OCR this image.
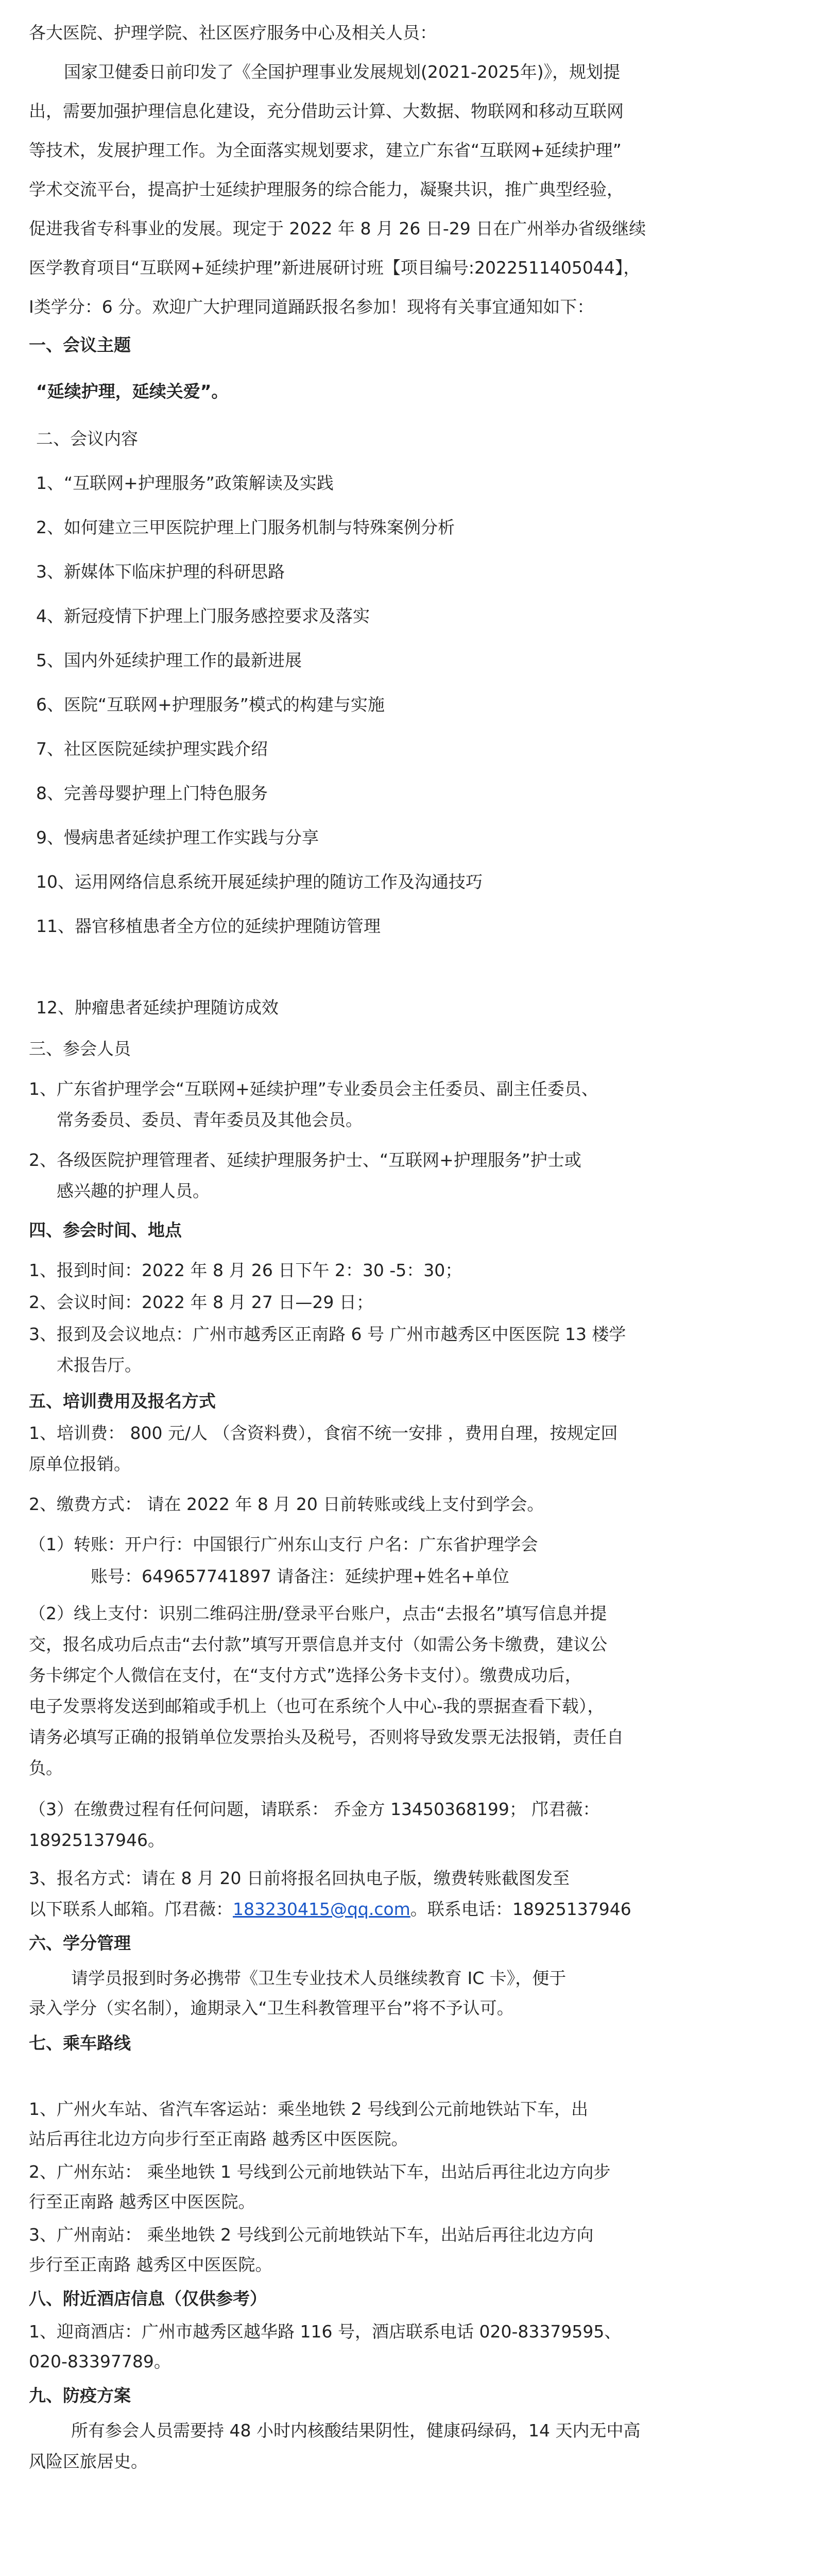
各大医院、护理学院、社区医疗服务中心及相关人员：

国家卫健委日前印发了《全国护理事业发展规划(2021-2025年)》，规划提

出，需要加强护理信息化建设，充分借助云计算、大数据、物联网和移动互联网

等技术，发展护理工作。为全面落实规划要求，建立广东省“互联网+延续护理”

学术交流平台，提高护士延续护理服务的综合能力，凝聚共识，推广典型经验，

促进我省专科事业的发展。现定于 2022 年 8 月 26 日-29 日在广州举办省级继续

医学教育项目“互联网+延续护理”新进展研讨班【项目编号:2022511405044】，

Ⅰ类学分：6 分。欢迎广大护理同道踊跃报名参加！现将有关事宜通知如下：

一、会议主题

“延续护理，延续关爱”。

二、会议内容

1、“互联网+护理服务”政策解读及实践

2、如何建立三甲医院护理上门服务机制与特殊案例分析

3、新媒体下临床护理的科研思路

4、新冠疫情下护理上门服务感控要求及落实

5、国内外延续护理工作的最新进展

6、医院“互联网+护理服务”模式的构建与实施

7、社区医院延续护理实践介绍

8、完善母婴护理上门特色服务

9、慢病患者延续护理工作实践与分享

10、运用网络信息系统开展延续护理的随访工作及沟通技巧

11、器官移植患者全方位的延续护理随访管理

12、肿瘤患者延续护理随访成效

三、参会人员

1、广东省护理学会“互联网+延续护理”专业委员会主任委员、副主任委员、

常务委员、委员、青年委员及其他会员。

2、各级医院护理管理者、延续护理服务护士、“互联网+护理服务”护士或

感兴趣的护理人员。

四、参会时间、地点

1、报到时间：2022 年 8 月 26 日下午 2：30 -5：30；

2、会议时间：2022 年 8 月 27 日—29 日；

3、报到及会议地点：广州市越秀区正南路 6 号 广州市越秀区中医医院 13 楼学

术报告厅。

五、培训费用及报名方式

1、培训费： 800 元/人 （含资料费），食宿不统一安排 ，费用自理，按规定回

原单位报销。

2、缴费方式： 请在 2022 年 8 月 20 日前转账或线上支付到学会。

（1）转账：开户行：中国银行广州东山支行 户名：广东省护理学会

账号：649657741897 请备注：延续护理+姓名+单位

（2）线上支付：识别二维码注册/登录平台账户，点击“去报名”填写信息并提

交，报名成功后点击“去付款”填写开票信息并支付（如需公务卡缴费，建议公

务卡绑定个人微信在支付，在“支付方式”选择公务卡支付）。缴费成功后，

电子发票将发送到邮箱或手机上（也可在系统个人中心-我的票据查看下载），

请务必填写正确的报销单位发票抬头及税号，否则将导致发票无法报销，责任自

负。

（3）在缴费过程有任何问题，请联系： 乔金方 13450368199； 邝君薇：

18925137946。

3、报名方式：请在 8 月 20 日前将报名回执电子版，缴费转账截图发至

以下联系人邮箱。邝君薇：183230415@qq.com。联系电话：18925137946

六、学分管理

请学员报到时务必携带《卫生专业技术人员继续教育 IC 卡》，便于

录入学分（实名制），逾期录入“卫生科教管理平台”将不予认可。

七、乘车路线

1、广州火车站、省汽车客运站：乘坐地铁 2 号线到公元前地铁站下车，出

站后再往北边方向步行至正南路 越秀区中医医院。

2、广州东站： 乘坐地铁 1 号线到公元前地铁站下车，出站后再往北边方向步

行至正南路 越秀区中医医院。

3、广州南站： 乘坐地铁 2 号线到公元前地铁站下车，出站后再往北边方向

步行至正南路 越秀区中医医院。

八、附近酒店信息（仅供参考）

1、迎商酒店：广州市越秀区越华路 116 号，酒店联系电话 020-83379595、

020-83397789。

九、防疫方案

所有参会人员需要持 48 小时内核酸结果阴性，健康码绿码，14 天内无中高

风险区旅居史。
